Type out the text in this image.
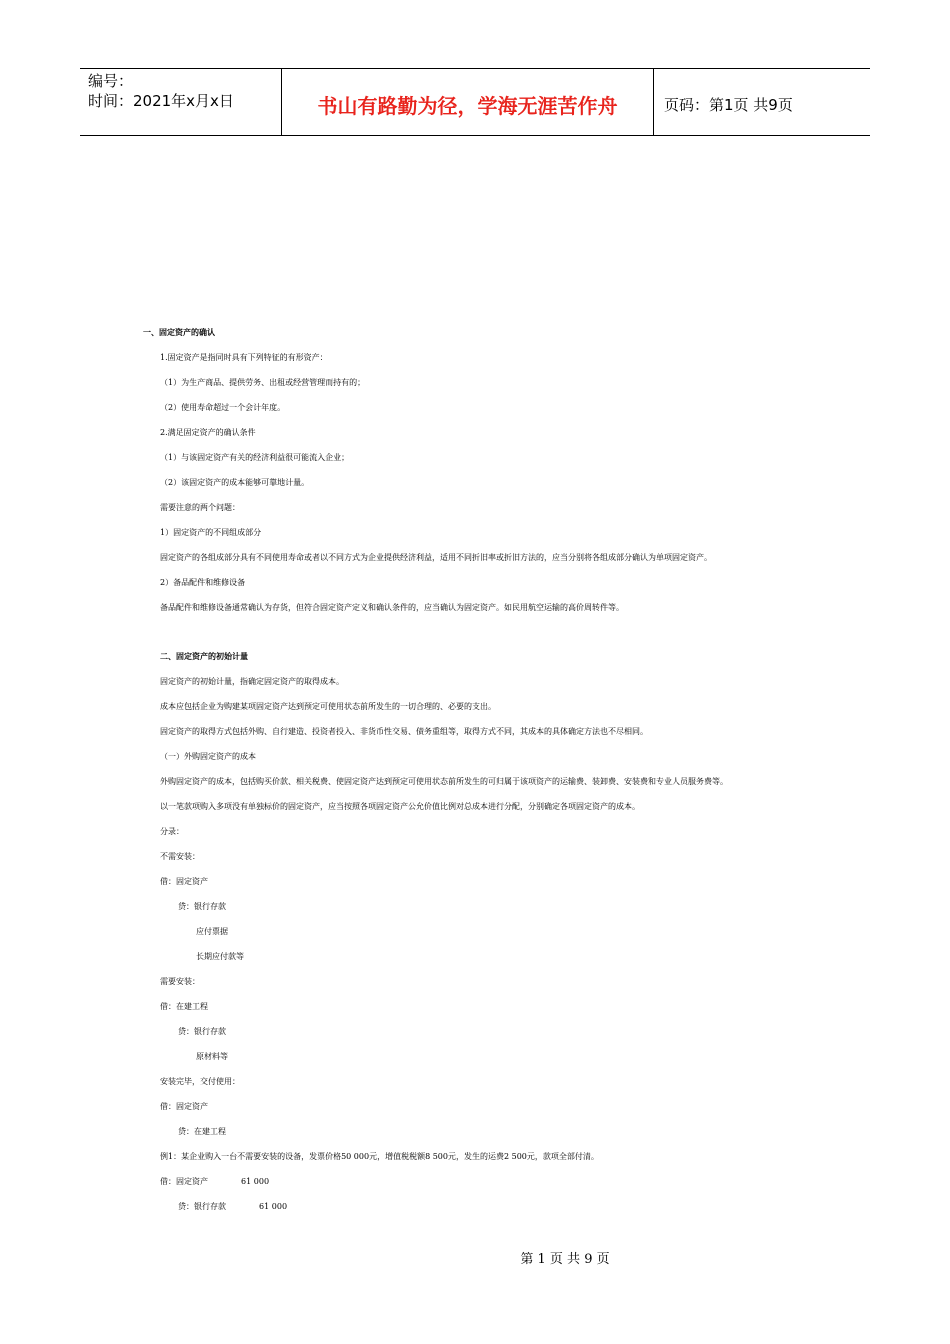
编号：
时间：2021年x月x日	书山有路勤为径，学海无涯苦作舟	页码：第1页 共9页
一、固定资产的确认
1.固定资产是指同时具有下列特征的有形资产：
（1）为生产商品、提供劳务、出租或经营管理而持有的；
（2）使用寿命超过一个会计年度。
2.满足固定资产的确认条件
（1）与该固定资产有关的经济利益很可能流入企业；
（2）该固定资产的成本能够可靠地计量。
需要注意的两个问题：
1）固定资产的不同组成部分
固定资产的各组成部分具有不同使用寿命或者以不同方式为企业提供经济利益，适用不同折旧率或折旧方法的，应当分别将各组成部分确认为单项固定资产。
2）备品配件和维修设备
备品配件和维修设备通常确认为存货，但符合固定资产定义和确认条件的，应当确认为固定资产。如民用航空运输的高价周转件等。
二、固定资产的初始计量
固定资产的初始计量，指确定固定资产的取得成本。
成本应包括企业为购建某项固定资产达到预定可使用状态前所发生的一切合理的、必要的支出。
固定资产的取得方式包括外购、自行建造、投资者投入、非货币性交易、债务重组等，取得方式不同，其成本的具体确定方法也不尽相同。
（一）外购固定资产的成本
外购固定资产的成本，包括购买价款、相关税费、使固定资产达到预定可使用状态前所发生的可归属于该项资产的运输费、装卸费、安装费和专业人员服务费等。
以一笔款项购入多项没有单独标价的固定资产，应当按照各项固定资产公允价值比例对总成本进行分配，分别确定各项固定资产的成本。
分录：
不需安装：
借：固定资产
贷：银行存款
应付票据
长期应付款等
需要安装：
借：在建工程
贷：银行存款
原材料等
安装完毕，交付使用：
借：固定资产
贷：在建工程
例1：某企业购入一台不需要安装的设备，发票价格50 000元，增值税税额8 500元，发生的运费2 500元，款项全部付清。
借：固定资产             61 000
贷：银行存款             61 000
第 1 页 共 9 页
